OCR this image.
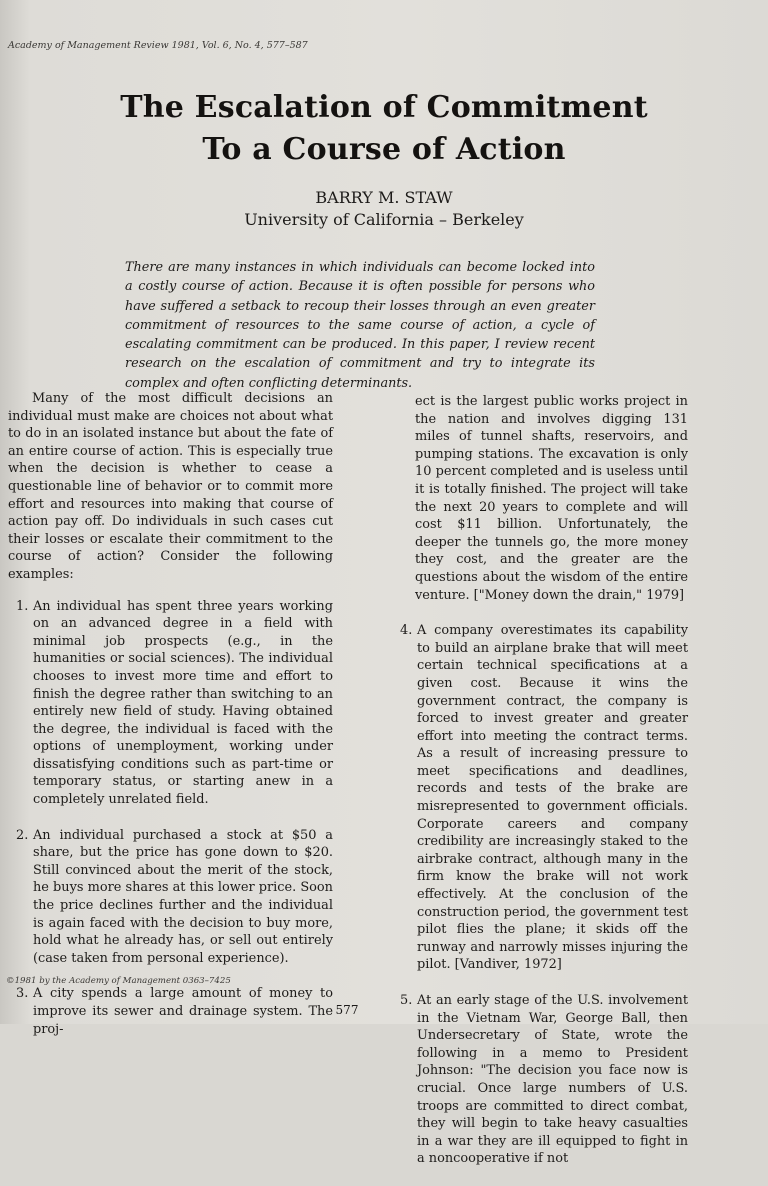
Academy of Management Review 1981, Vol. 6, No. 4, 577–587
The Escalation of Commitment
To a Course of Action
BARRY M. STAW
University of California – Berkeley
There are many instances in which individuals can become locked into a costly course of action. Because it is often possible for persons who have suffered a setback to recoup their losses through an even greater commitment of resources to the same course of action, a cycle of escalating commitment can be produced. In this paper, I review recent research on the escalation of commitment and try to integrate its complex and often conflicting determinants.

Many of the most difficult decisions an individual must make are choices not about what to do in an isolated instance but about the fate of an entire course of action. This is especially true when the decision is whether to cease a questionable line of behavior or to commit more effort and resources into making that course of action pay off. Do individuals in such cases cut their losses or escalate their commitment to the course of action? Consider the following examples:

1. An individual has spent three years working on an advanced degree in a field with minimal job prospects (e.g., in the humanities or social sciences). The individual chooses to invest more time and effort to finish the degree rather than switching to an entirely new field of study. Having obtained the degree, the individual is faced with the options of unemployment, working under dissatisfying conditions such as part-time or temporary status, or starting anew in a completely unrelated field.
2. An individual purchased a stock at $50 a share, but the price has gone down to $20. Still convinced about the merit of the stock, he buys more shares at this lower price. Soon the price declines further and the individual is again faced with the decision to buy more, hold what he already has, or sell out entirely (case taken from personal experience).
3. A city spends a large amount of money to improve its sewer and drainage system. The proj-

ect is the largest public works project in the nation and involves digging 131 miles of tunnel shafts, reservoirs, and pumping stations. The excavation is only 10 percent completed and is useless until it is totally finished. The project will take the next 20 years to complete and will cost $11 billion. Unfortunately, the deeper the tunnels go, the more money they cost, and the greater are the questions about the wisdom of the entire venture. ["Money down the drain," 1979]

4. A company overestimates its capability to build an airplane brake that will meet certain technical specifications at a given cost. Because it wins the government contract, the company is forced to invest greater and greater effort into meeting the contract terms. As a result of increasing pressure to meet specifications and deadlines, records and tests of the brake are misrepresented to government officials. Corporate careers and company credibility are increasingly staked to the airbrake contract, although many in the firm know the brake will not work effectively. At the conclusion of the construction period, the government test pilot flies the plane; it skids off the runway and narrowly misses injuring the pilot. [Vandiver, 1972]
5. At an early stage of the U.S. involvement in the Vietnam War, George Ball, then Undersecretary of State, wrote the following in a memo to President Johnson: "The decision you face now is crucial. Once large numbers of U.S. troops are committed to direct combat, they will begin to take heavy casualties in a war they are ill equipped to fight in a noncooperative if not
©1981 by the Academy of Management 0363–7425
577
